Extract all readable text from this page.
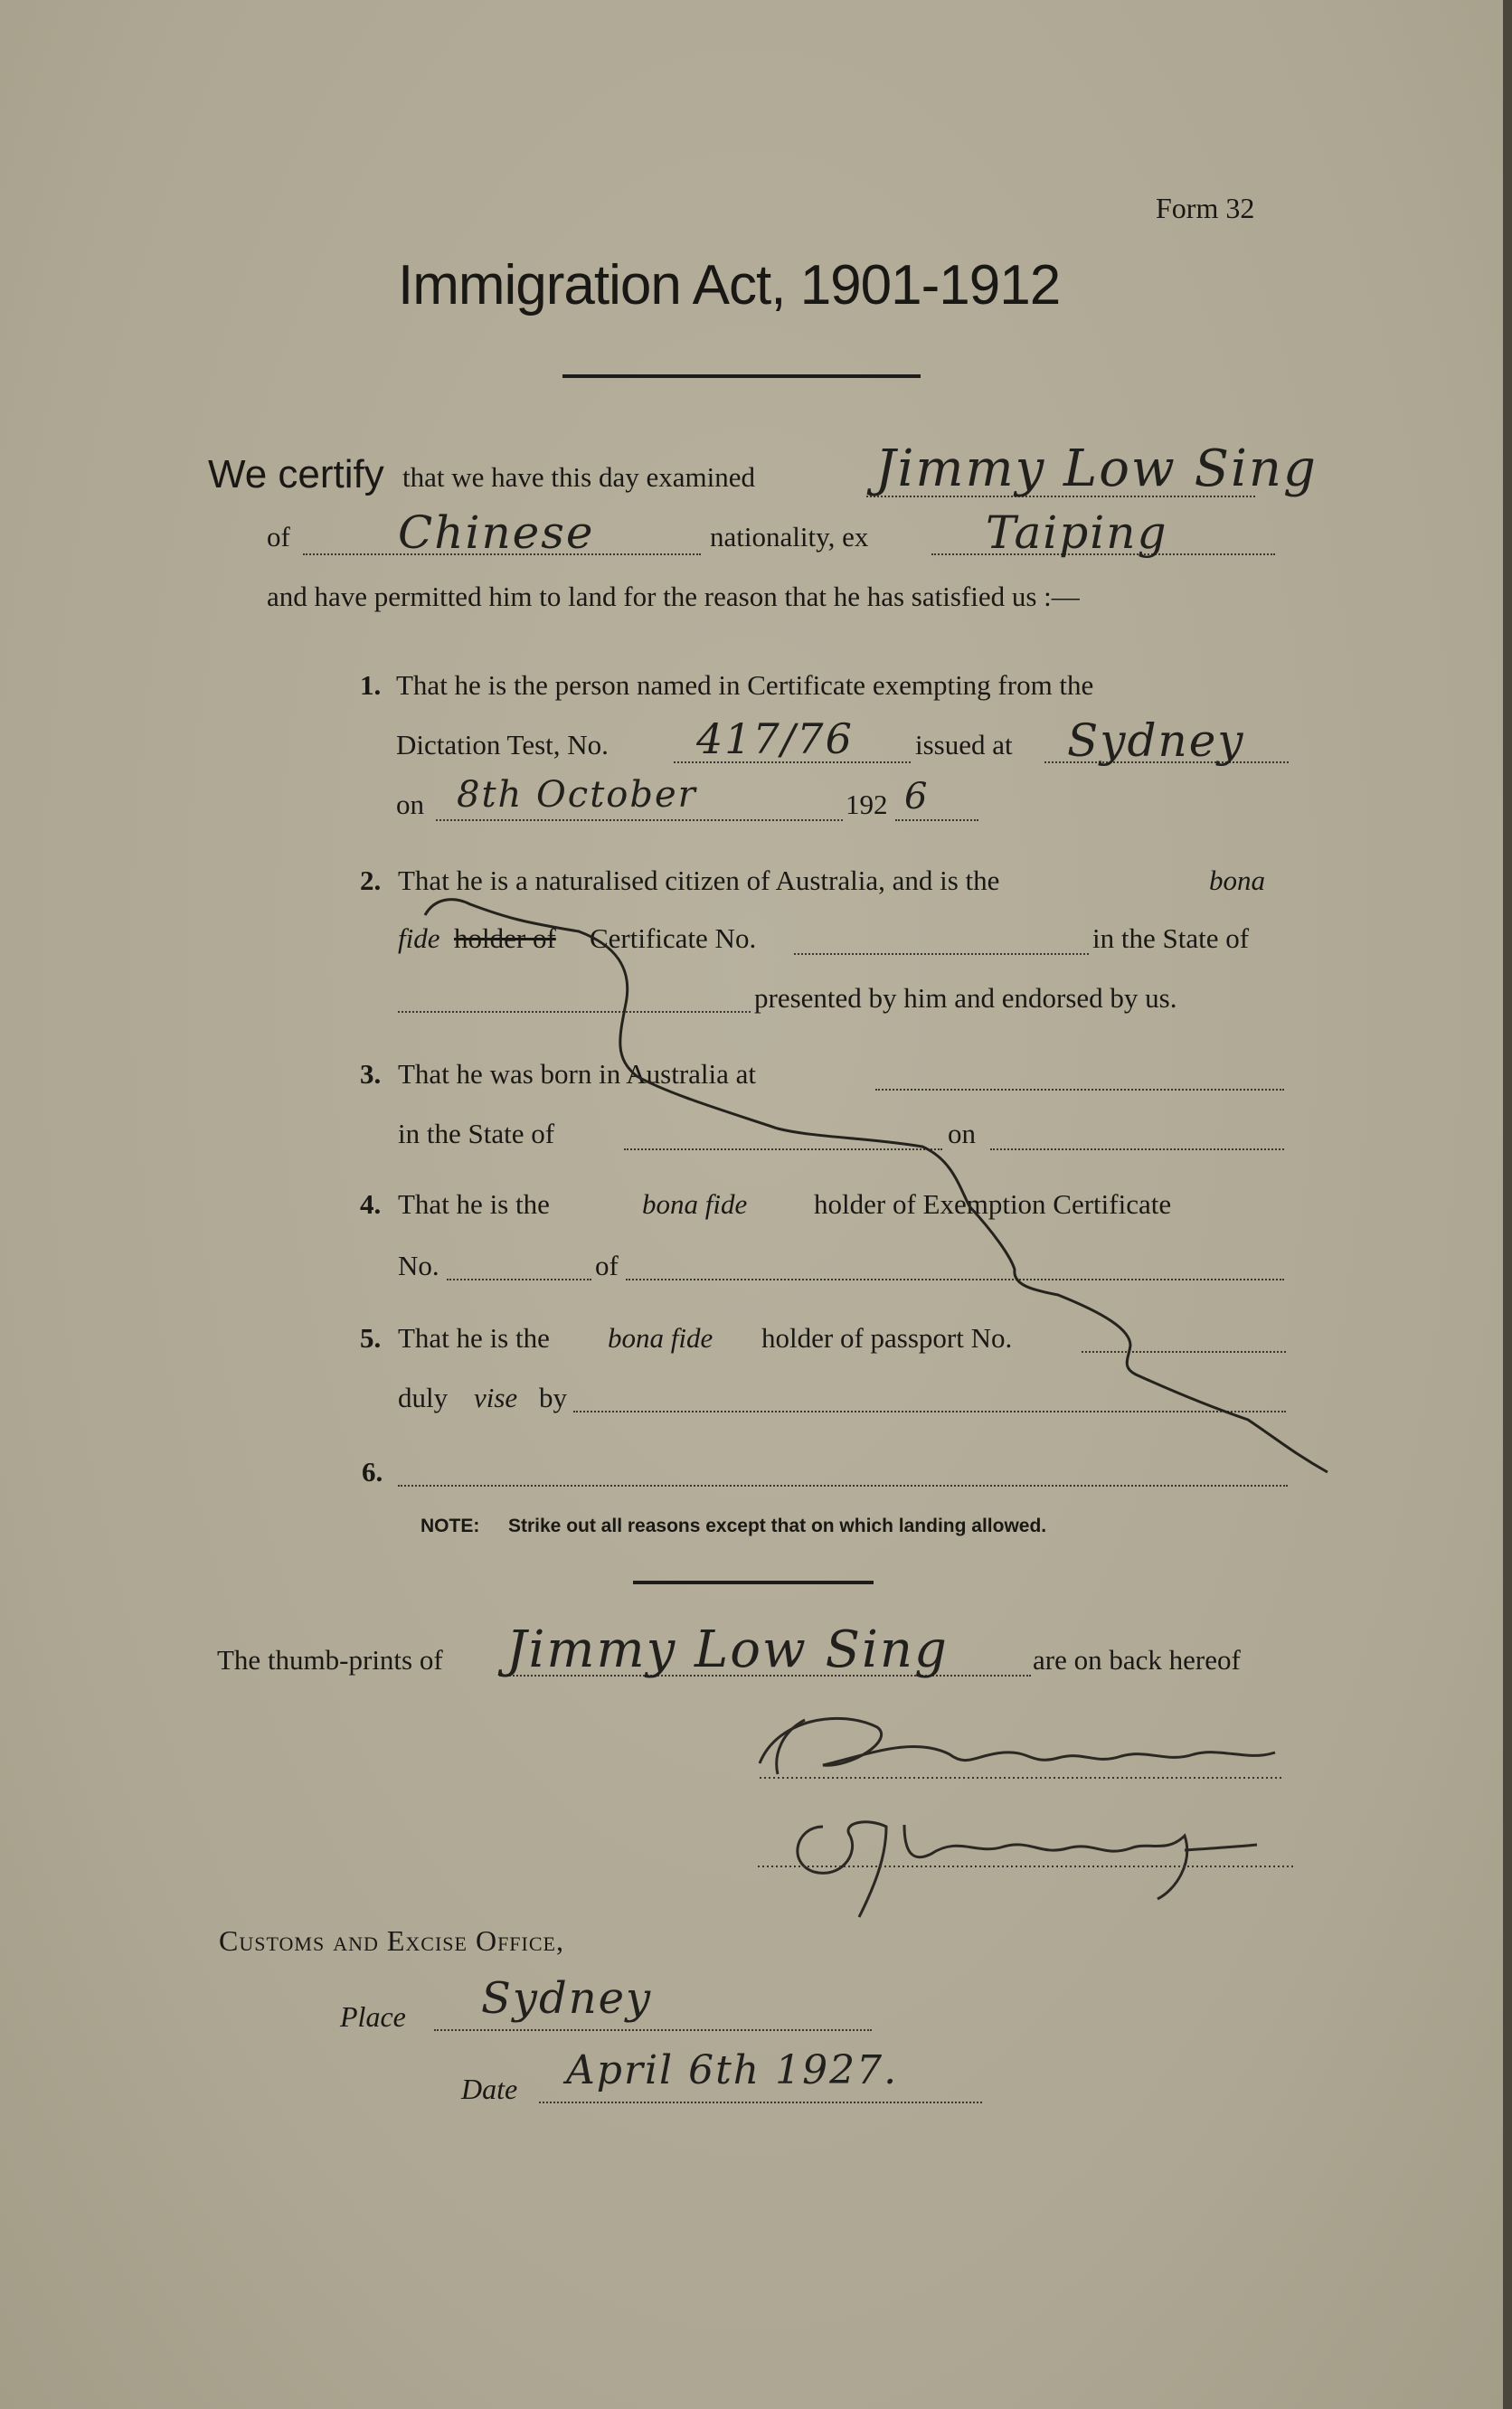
Form 32
Immigration Act, 1901-1912
We certify that we have this day examined Jimmy Low Sing
of Chinese	nationality, ex	Taiping
and have permitted him to land for the reason that he has satisfied us :—
1. That he is the person named in Certificate exempting from the
Dictation Test, No. 417/76 issued at Sydney
on 8th October	192 6
2. That he is a naturalised citizen of Australia, and is the	bona
fide holder of Certificate No.	in the State of
presented by him and endorsed by us.
3. That he was born in Australia at
in the State of	on
4. That he is the	bona fide holder of Exemption Certificate
No.	of
5. That he is the bona fide holder of passport No.
duly vise by
6.
NOTE: Strike out all reasons except that on which landing allowed.
The thumb-prints of Jimmy Low Sing	are on back hereof
Customs and Excise Office,
Place Sydney
Date April 6th 1927.
